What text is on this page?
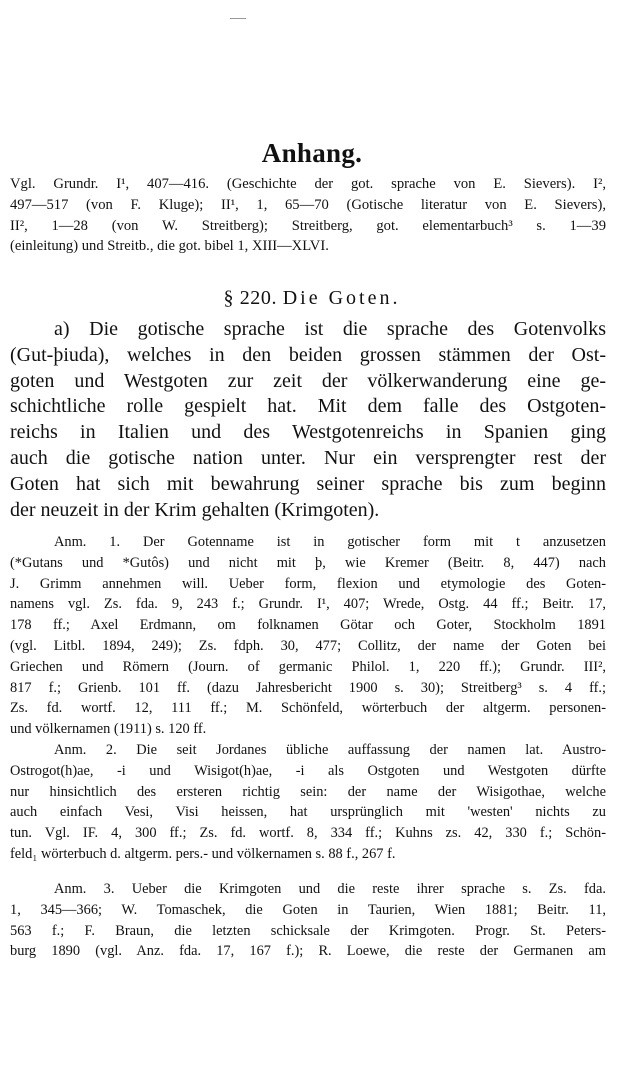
Anhang.
Vgl. Grundr. I¹, 407—416. (Geschichte der got. sprache von E. Sievers). I²,
497—517 (von F. Kluge); II¹, 1, 65—70 (Gotische literatur von E. Sievers),
II², 1—28 (von W. Streitberg); Streitberg, got. elementarbuch³ s. 1—39
(einleitung) und Streitb., die got. bibel 1, XIII—XLVI.
§ 220. Die Goten.
a) Die gotische sprache ist die sprache des Gotenvolks
(Gut-þiuda), welches in den beiden grossen stämmen der Ost-
goten und Westgoten zur zeit der völkerwanderung eine ge-
schichtliche rolle gespielt hat. Mit dem falle des Ostgoten-
reichs in Italien und des Westgotenreichs in Spanien ging
auch die gotische nation unter. Nur ein versprengter rest der
Goten hat sich mit bewahrung seiner sprache bis zum beginn
der neuzeit in der Krim gehalten (Krimgoten).
Anm. 1. Der Gotenname ist in gotischer form mit t anzusetzen
(*Gutans und *Gutôs) und nicht mit þ, wie Kremer (Beitr. 8, 447) nach
J. Grimm annehmen will. Ueber form, flexion und etymologie des Goten-
namens vgl. Zs. fda. 9, 243 f.; Grundr. I¹, 407; Wrede, Ostg. 44 ff.; Beitr. 17,
178 ff.; Axel Erdmann, om folknamen Götar och Goter, Stockholm 1891
(vgl. Litbl. 1894, 249); Zs. fdph. 30, 477; Collitz, der name der Goten bei
Griechen und Römern (Journ. of germanic Philol. 1, 220 ff.); Grundr. III²,
817 f.; Grienb. 101 ff. (dazu Jahresbericht 1900 s. 30); Streitberg³ s. 4 ff.;
Zs. fd. wortf. 12, 111 ff.; M. Schönfeld, wörterbuch der altgerm. personen-
und völkernamen (1911) s. 120 ff.
Anm. 2. Die seit Jordanes übliche auffassung der namen lat. Austro-
Ostrogot(h)ae, -i und Wisigot(h)ae, -i als Ostgoten und Westgoten dürfte
nur hinsichtlich des ersteren richtig sein: der name der Wisigothae, welche
auch einfach Vesi, Visi heissen, hat ursprünglich mit 'westen' nichts zu
tun. Vgl. IF. 4, 300 ff.; Zs. fd. wortf. 8, 334 ff.; Kuhns zs. 42, 330 f.; Schön-
feld₁ wörterbuch d. altgerm. pers.- und völkernamen s. 88 f., 267 f.
Anm. 3. Ueber die Krimgoten und die reste ihrer sprache s. Zs. fda.
1, 345—366; W. Tomaschek, die Goten in Taurien, Wien 1881; Beitr. 11,
563 f.; F. Braun, die letzten schicksale der Krimgoten. Progr. St. Peters-
burg 1890 (vgl. Anz. fda. 17, 167 f.); R. Loewe, die reste der Germanen am
